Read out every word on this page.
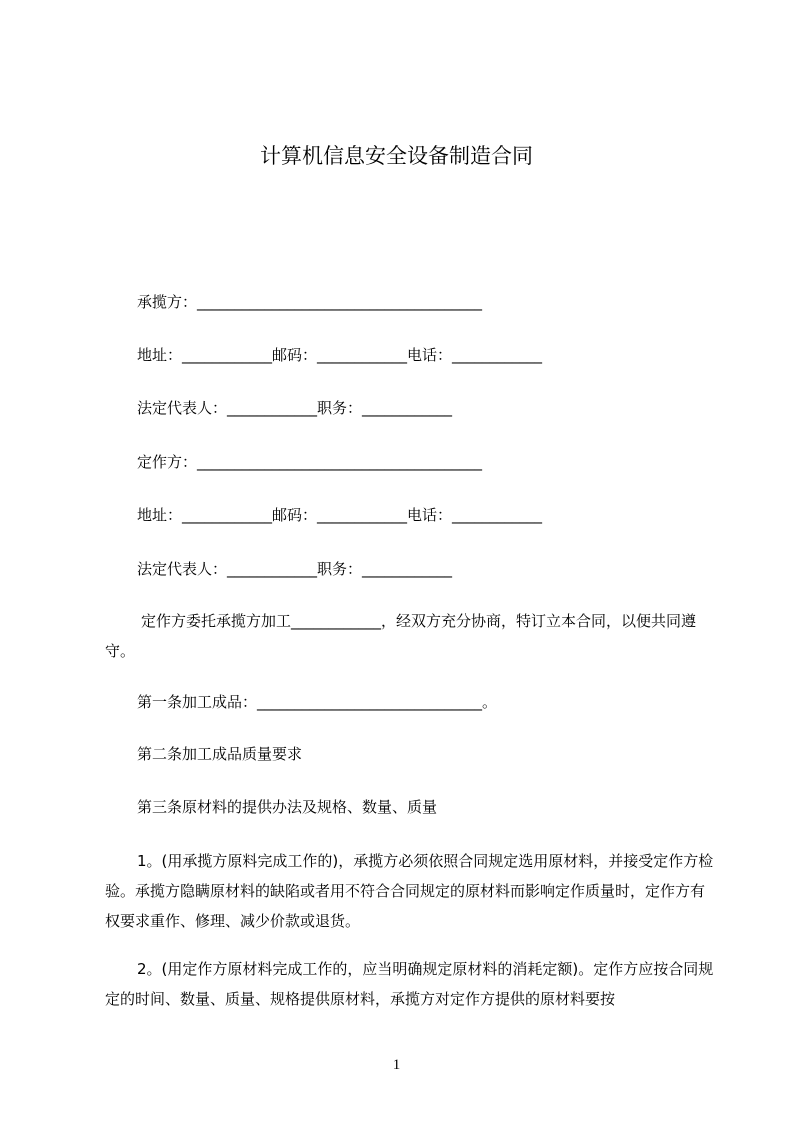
计算机信息安全设备制造合同
承揽方：______________________________________
地址：____________邮码：____________电话：____________
法定代表人：____________职务：____________
定作方：______________________________________
地址：____________邮码：____________电话：____________
法定代表人：____________职务：____________
定作方委托承揽方加工____________，经双方充分协商，特订立本合同，以便共同遵守。
第一条加工成品：______________________________。
第二条加工成品质量要求
第三条原材料的提供办法及规格、数量、质量
1。(用承揽方原料完成工作的)，承揽方必须依照合同规定选用原材料，并接受定作方检验。承揽方隐瞒原材料的缺陷或者用不符合合同规定的原材料而影响定作质量时，定作方有权要求重作、修理、减少价款或退货。
2。(用定作方原材料完成工作的，应当明确规定原材料的消耗定额)。定作方应按合同规定的时间、数量、质量、规格提供原材料，承揽方对定作方提供的原材料要按
1
